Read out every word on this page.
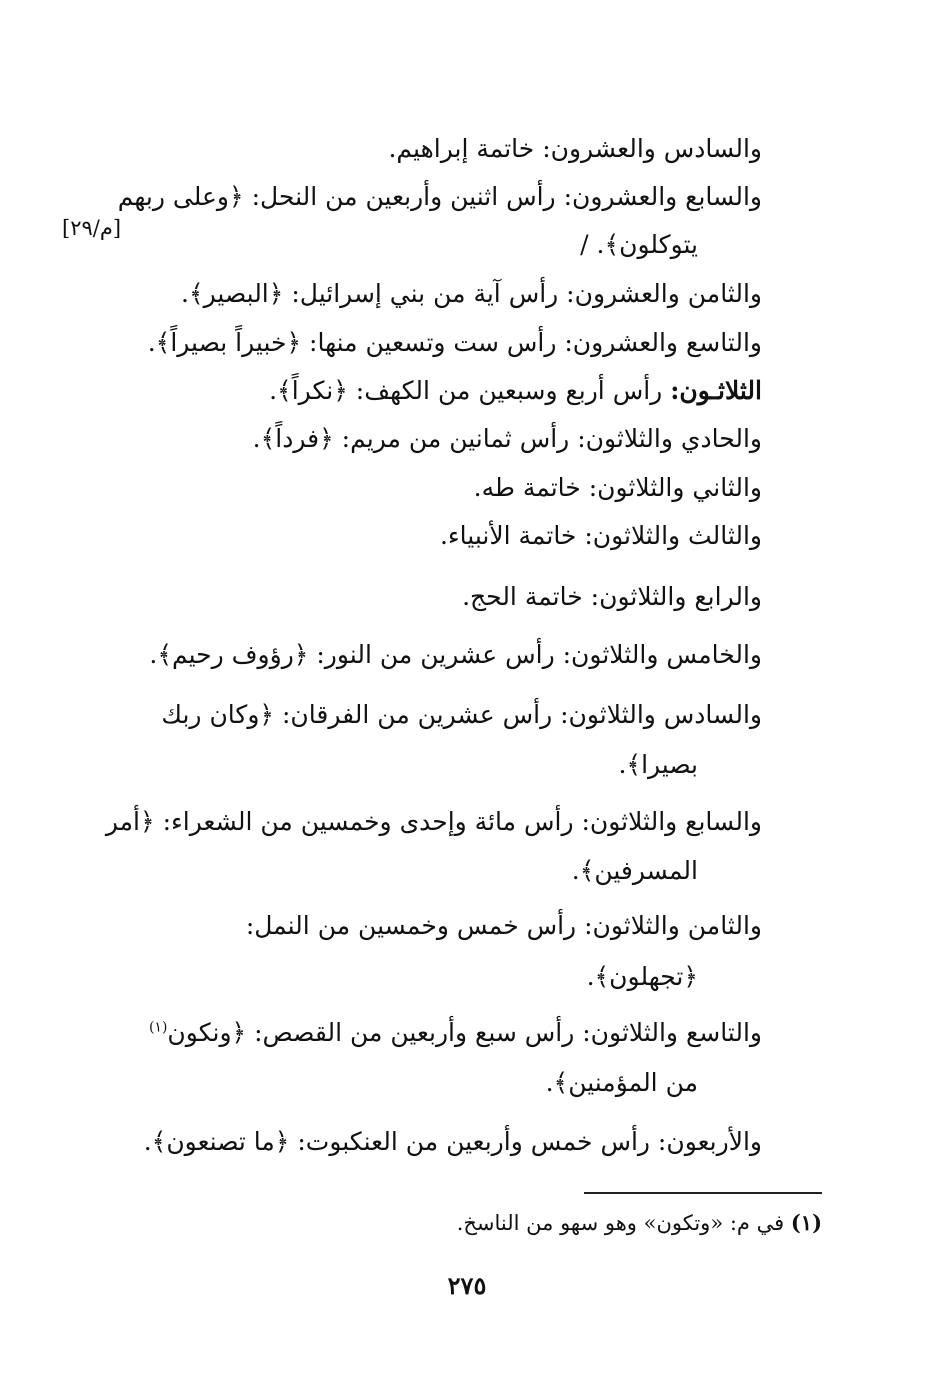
[م/٢٩]
والسادس والعشرون: خاتمة إبراهيم.
والسابع والعشرون: رأس اثنين وأربعين من النحل: ﴿وعلى ربهم
يتوكلون﴾. /
والثامن والعشرون: رأس آية من بني إسرائيل: ﴿البصير﴾.
والتاسع والعشرون: رأس ست وتسعين منها: ﴿خبيراً بصيراً﴾.
الثلاثـون: رأس أربع وسبعين من الكهف: ﴿نكراً﴾.
والحادي والثلاثون: رأس ثمانين من مريم: ﴿فرداً﴾.
والثاني والثلاثون: خاتمة طه.
والثالث والثلاثون: خاتمة الأنبياء.
والرابع والثلاثون: خاتمة الحج.
والخامس والثلاثون: رأس عشرين من النور: ﴿رؤوف رحيم﴾.
والسادس والثلاثون: رأس عشرين من الفرقان: ﴿وكان ربك
بصيرا﴾.
والسابع والثلاثون: رأس مائة وإحدى وخمسين من الشعراء: ﴿أمر
المسرفين﴾.
والثامن والثلاثون: رأس خمس وخمسين من النمل:
﴿تجهلون﴾.
والتاسع والثلاثون: رأس سبع وأربعين من القصص: ﴿ونكون$^{(١)}$
من المؤمنين﴾.
والأربعون: رأس خمس وأربعين من العنكبوت: ﴿ما تصنعون﴾.
(١) في م: «وتكون» وهو سهو من الناسخ.
٢٧٥
